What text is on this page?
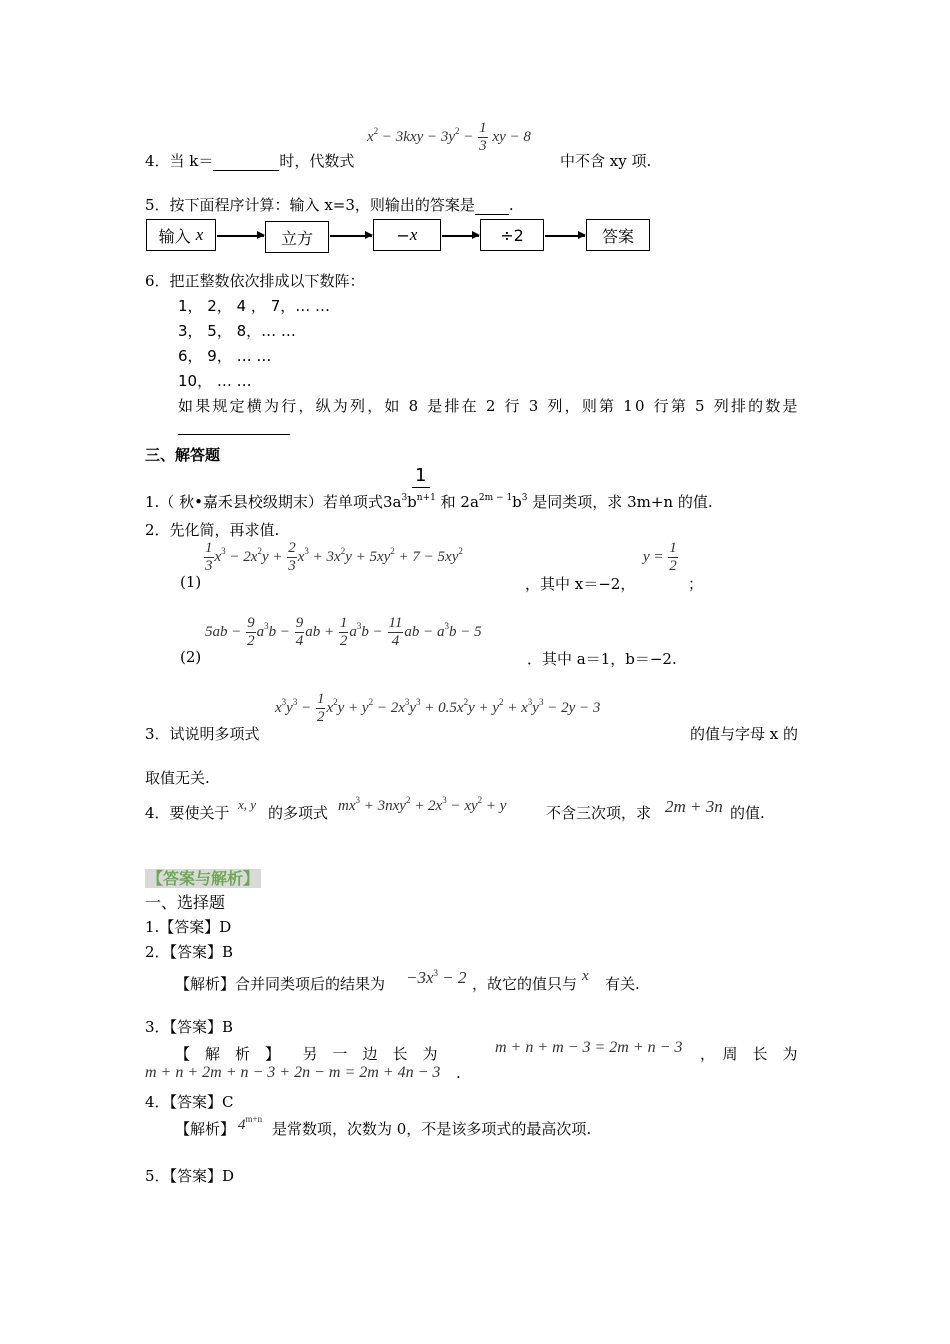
4．当 k＝	时，代数式
$x^2 - 3kxy - 3y^2 - \frac{1}{3}$ xy − 8
中不含 xy 项.
5．按下面程序计算：输入 x=3，则输出的答案是 .
输入 x	立方	− x	÷2	答案
6．把正整数依次排成以下数阵：
1， 2， 4 ， 7，… …
3， 5， 8，… …
6， 9， … …
10， … …
如果规定横为行，纵为列，如 8 是排在 2 行 3 列，则第 10 行第 5 列排的数是
三、解答题
1
1.（ 秋•嘉禾县校级期末）若单项式$3a^3b^{n+1}$ 和 $2a^{2m - 1}b^3$ 是同类项，求 3m+n 的值.
2．先化简，再求值.
(1)
$\frac{1}{3} x^3 - 2x^2y + \frac{2}{3} x^3 + 3x^2y + 5xy^2 + 7 - 5xy^2$
，其中 x＝−2，
$y = \frac{1}{2}$
；
(2)
$5ab - \frac{9}{2} a^3b - \frac{9}{4}$ ab + $\frac{1}{2} a^3b - \frac{11}{4}$ ab − $a^3b - 5$
．其中 a＝1，b＝−2.
3．试说明多项式
$x^3y^3 - \frac{1}{2} x^2y + y^2 - 2x^3y^3 + 0.5x^2y + y^2 + x^3y^3 - 2y - 3$
的值与字母 x 的
取值无关.
4．要使关于 x, y 的多项式 $mx^3 + 3nxy^2 + 2x^3 - xy^2 + y$	不含三次项，求 2m + 3n 的值.
【答案与解析】
一、选择题
1.【答案】D
2．【答案】B
【解析】合并同类项后的结果为 $-3x^3 - 2$ ，故它的值只与 x 有关.
3．【答案】B
【　解　析　】　　另　一　边　长　为	m + n + m − 3 = 2m + n − 3 ，　周　长　为
m + n + 2m + n − 3 + 2n − m = 2m + 4n − 3 .
4．【答案】C
【解析】 $4^{m+n}$
是常数项，次数为 0，不是该多项式的最高次项.
5．【答案】D
